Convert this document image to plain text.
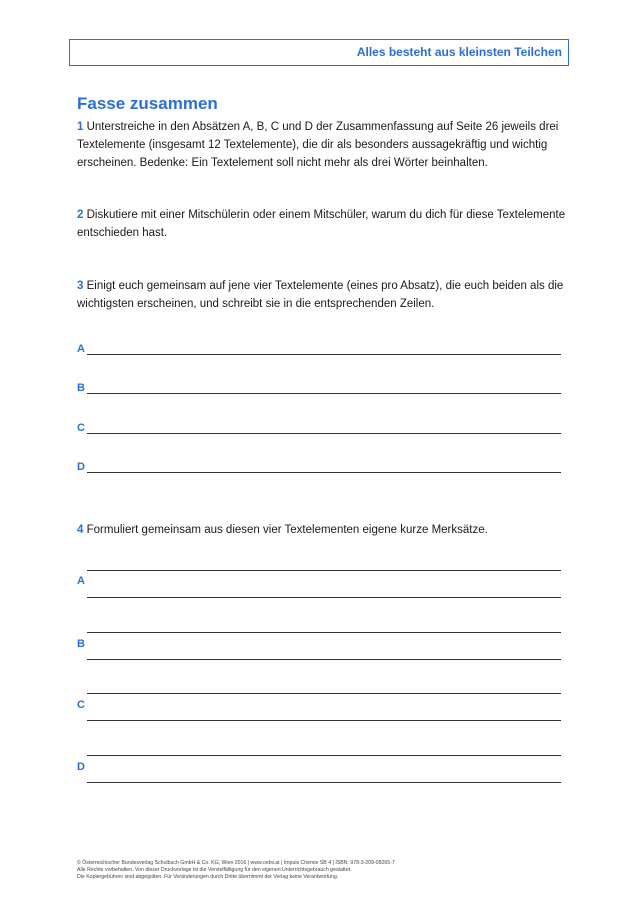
Alles besteht aus kleinsten Teilchen
Fasse zusammen

1 Unterstreiche in den Absätzen A, B, C und D der Zusammenfassung auf Seite 26 jeweils drei Textelemente (insgesamt 12 Textelemente), die dir als besonders aussagekräftig und wichtig erscheinen. Bedenke: Ein Textelement soll nicht mehr als drei Wörter beinhalten.

2 Diskutiere mit einer Mitschülerin oder einem Mitschüler, warum du dich für diese Textelemente entschieden hast.

3 Einigt euch gemeinsam auf jene vier Textelemente (eines pro Absatz), die euch beiden als die wichtigsten erscheinen, und schreibt sie in die entsprechenden Zeilen.

A
B
C
D

4 Formuliert gemeinsam aus diesen vier Textelementen eigene kurze Merksätze.

A
B
C
D
© Österreichischer Bundesverlag Schulbuch GmbH & Co. KG, Wien 2016 | www.oebv.at | Impuls Chemie SB 4 | ISBN: 978-3-209-08265-7
Alle Rechte vorbehalten. Von dieser Druckvorlage ist die Vervielfältigung für den eigenen Unterrichtsgebrauch gestattet.
Die Kopiergebühren sind abgegolten. Für Veränderungen durch Dritte übernimmt der Verlag keine Verantwortung.
